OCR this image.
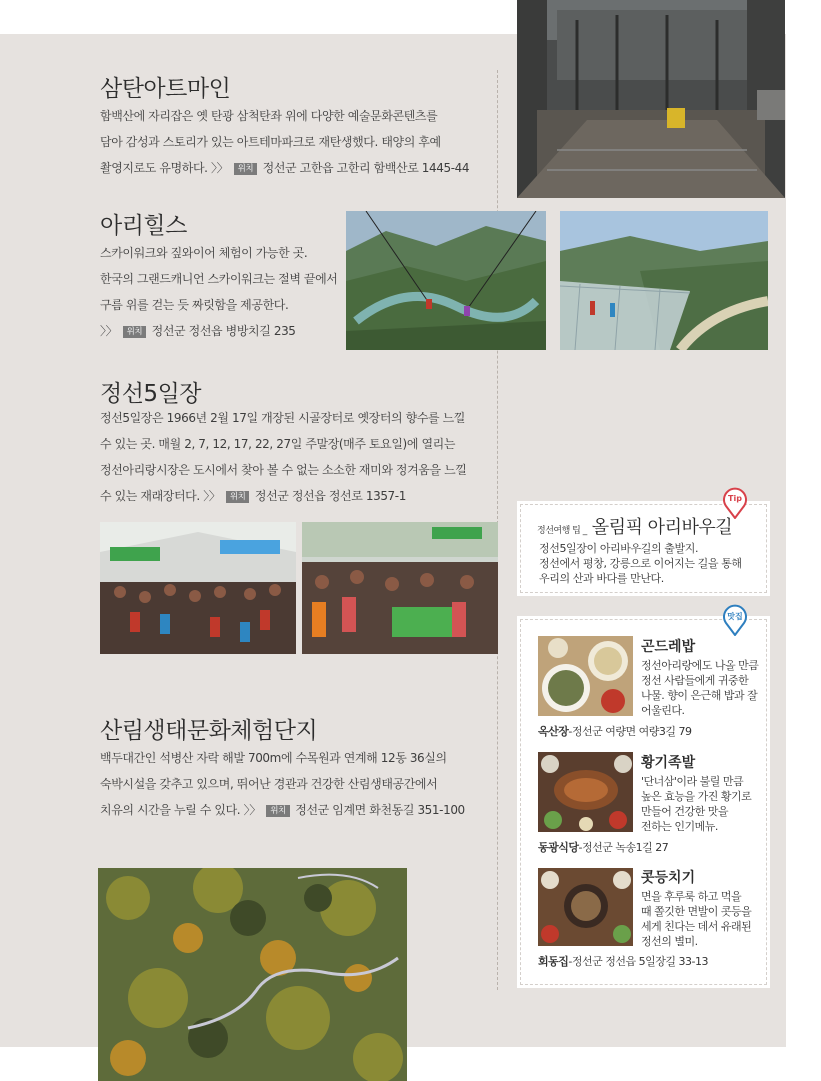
삼탄아트마인
함백산에 자리잡은 옛 탄광 삼척탄좌 위에 다양한 예술문화콘텐츠를
담아 감성과 스토리가 있는 아트테마파크로 재탄생했다. 태양의 후예
촬영지로도 유명하다. 〉〉 위치 정선군 고한읍 고한리 함백산로 1445-44
아리힐스
스카이워크와 짚와이어 체험이 가능한 곳.
한국의 그랜드캐니언 스카이워크는 절벽 끝에서
구름 위를 걷는 듯 짜릿함을 제공한다.
〉〉 위치 정선군 정선읍 병방치길 235
정선5일장
정선5일장은 1966년 2월 17일 개장된 시골장터로 옛장터의 향수를 느낄
수 있는 곳. 매월 2, 7, 12, 17, 22, 27일 주말장(매주 토요일)에 열리는
정선아리랑시장은 도시에서 찾아 볼 수 없는 소소한 재미와 정겨움을 느낄
수 있는 재래장터다. 〉〉 위치 정선군 정선읍 정선로 1357-1
산림생태문화체험단지
백두대간인 석병산 자락 해발 700m에 수목원과 연계해 12동 36실의
숙박시설을 갖추고 있으며, 뛰어난 경관과 건강한 산림생태공간에서
치유의 시간을 누릴 수 있다. 〉〉 위치 정선군 임계면 화천동길 351-100
정선여행 팁 _ 올림픽 아리바우길
정선5일장이 아리바우길의 출발지.
정선에서 평창, 강릉으로 이어지는 길을 통해
우리의 산과 바다를 만난다.
Tip
맛집
곤드레밥
정선아리랑에도 나올 만큼
정선 사람들에게 귀중한
나물. 향이 은근해 밥과 잘
어울린다.
옥산장-정선군 여량면 여량3길 79
황기족발
'단너삼'이라 불릴 만큼
높은 효능을 가진 황기로
만들어 건강한 맛을
전하는 인기메뉴.
동광식당-정선군 녹송1길 27
콧등치기
면을 후루룩 하고 먹을
때 쫄깃한 면발이 콧등을
세게 친다는 데서 유래된
정선의 별미.
회동집-정선군 정선읍 5일장길 33-13
